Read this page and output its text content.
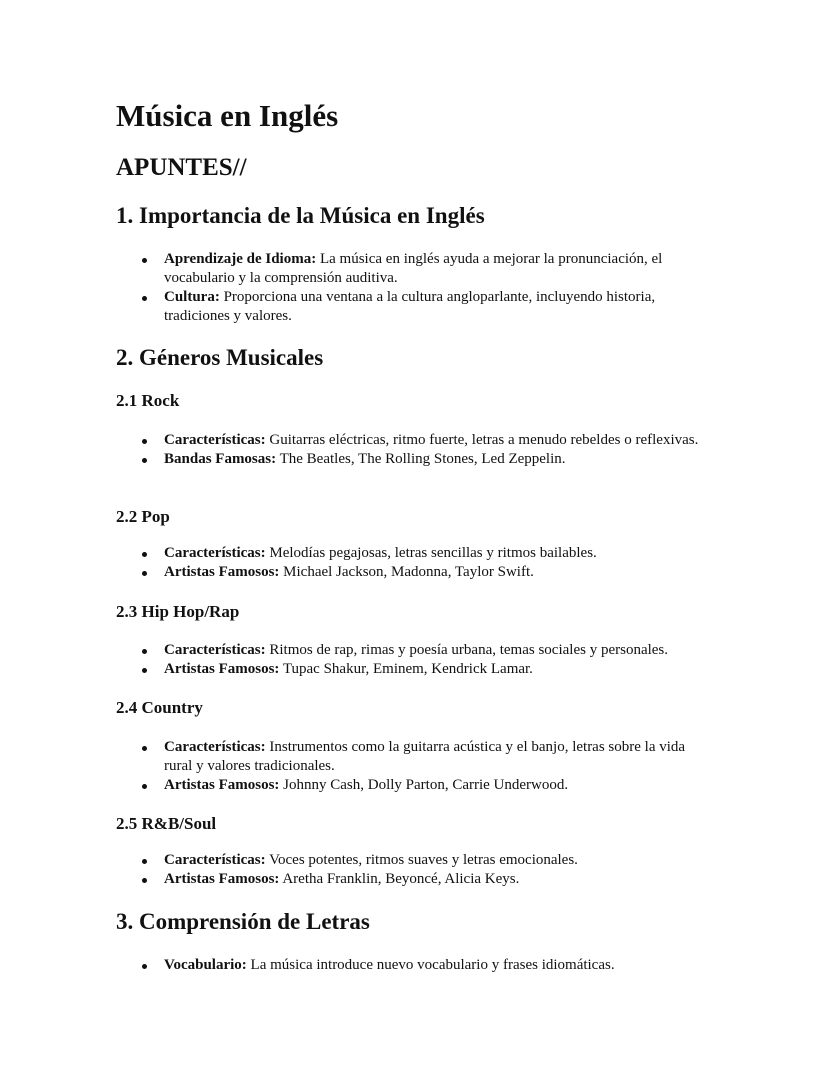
Música en Inglés
APUNTES//
1. Importancia de la Música en Inglés
Aprendizaje de Idioma: La música en inglés ayuda a mejorar la pronunciación, el vocabulario y la comprensión auditiva.
Cultura: Proporciona una ventana a la cultura angloparlante, incluyendo historia, tradiciones y valores.
2. Géneros Musicales
2.1 Rock
Características: Guitarras eléctricas, ritmo fuerte, letras a menudo rebeldes o reflexivas.
Bandas Famosas: The Beatles, The Rolling Stones, Led Zeppelin.
2.2 Pop
Características: Melodías pegajosas, letras sencillas y ritmos bailables.
Artistas Famosos: Michael Jackson, Madonna, Taylor Swift.
2.3 Hip Hop/Rap
Características: Ritmos de rap, rimas y poesía urbana, temas sociales y personales.
Artistas Famosos: Tupac Shakur, Eminem, Kendrick Lamar.
2.4 Country
Características: Instrumentos como la guitarra acústica y el banjo, letras sobre la vida rural y valores tradicionales.
Artistas Famosos: Johnny Cash, Dolly Parton, Carrie Underwood.
2.5 R&B/Soul
Características: Voces potentes, ritmos suaves y letras emocionales.
Artistas Famosos: Aretha Franklin, Beyoncé, Alicia Keys.
3. Comprensión de Letras
Vocabulario: La música introduce nuevo vocabulario y frases idiomáticas.
